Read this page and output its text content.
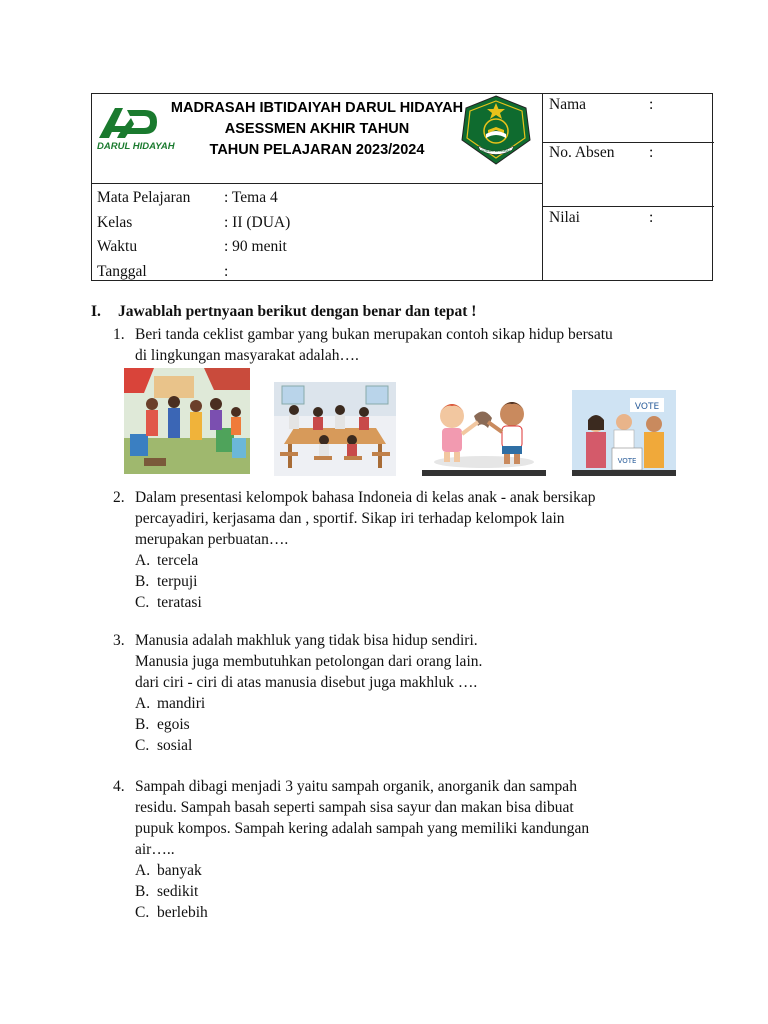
DARUL HIDAYAH
MADRASAH IBTIDAIYAH DARUL HIDAYAH
ASESSMEN AKHIR TAHUN
TAHUN PELAJARAN 2023/2024	IKHLAS BERAMAL
Mata Pelajaran	: Tema 4
Kelas	: II (DUA)
Waktu	: 90 menit
Tanggal	:
Nama	:
No. Absen	:
Nilai	:
I. Jawablah pertnyaan berikut dengan benar dan tepat !
1. Beri tanda ceklist gambar yang bukan merupakan contoh sikap hidup bersatu
di lingkungan masyarakat adalah….
VOTE
VOTE
2. Dalam presentasi kelompok bahasa Indoneia di kelas anak - anak bersikap
percayadiri, kerjasama dan , sportif. Sikap iri terhadap kelompok lain
merupakan perbuatan….
A. tercela
B. terpuji
C. teratasi
3. Manusia adalah makhluk yang tidak bisa hidup sendiri.
Manusia juga membutuhkan petolongan dari orang lain.
dari ciri - ciri di atas manusia disebut juga makhluk ….
A. mandiri
B. egois
C. sosial
4. Sampah dibagi menjadi 3 yaitu sampah organik, anorganik dan sampah
residu. Sampah basah seperti sampah sisa sayur dan makan bisa dibuat
pupuk kompos. Sampah kering adalah sampah yang memiliki kandungan
air…..
A. banyak
B. sedikit
C. berlebih
